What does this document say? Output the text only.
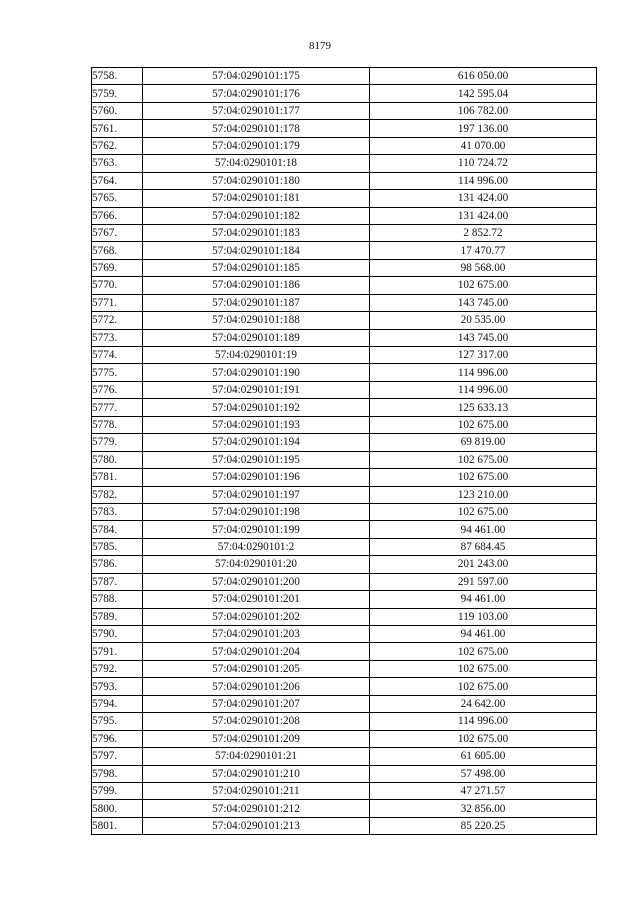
8179
5758.	57:04:0290101:175	616 050.00
5759.	57:04:0290101:176	142 595.04
5760.	57:04:0290101:177	106 782.00
5761.	57:04:0290101:178	197 136.00
5762.	57:04:0290101:179	41 070.00
5763.	57:04:0290101:18	110 724.72
5764.	57:04:0290101:180	114 996.00
5765.	57:04:0290101:181	131 424.00
5766.	57:04:0290101:182	131 424.00
5767.	57:04:0290101:183	2 852.72
5768.	57:04:0290101:184	17 470.77
5769.	57:04:0290101:185	98 568.00
5770.	57:04:0290101:186	102 675.00
5771.	57:04:0290101:187	143 745.00
5772.	57:04:0290101:188	20 535.00
5773.	57:04:0290101:189	143 745.00
5774.	57:04:0290101:19	127 317.00
5775.	57:04:0290101:190	114 996.00
5776.	57:04:0290101:191	114 996.00
5777.	57:04:0290101:192	125 633.13
5778.	57:04:0290101:193	102 675.00
5779.	57:04:0290101:194	69 819.00
5780.	57:04:0290101:195	102 675.00
5781.	57:04:0290101:196	102 675.00
5782.	57:04:0290101:197	123 210.00
5783.	57:04:0290101:198	102 675.00
5784.	57:04:0290101:199	94 461.00
5785.	57:04:0290101:2	87 684.45
5786.	57:04:0290101:20	201 243.00
5787.	57:04:0290101:200	291 597.00
5788.	57:04:0290101:201	94 461.00
5789.	57:04:0290101:202	119 103.00
5790.	57:04:0290101:203	94 461.00
5791.	57:04:0290101:204	102 675.00
5792.	57:04:0290101:205	102 675.00
5793.	57:04:0290101:206	102 675.00
5794.	57:04:0290101:207	24 642.00
5795.	57:04:0290101:208	114 996.00
5796.	57:04:0290101:209	102 675.00
5797.	57:04:0290101:21	61 605.00
5798.	57:04:0290101:210	57 498.00
5799.	57:04:0290101:211	47 271.57
5800.	57:04:0290101:212	32 856.00
5801.	57:04:0290101:213	85 220.25
